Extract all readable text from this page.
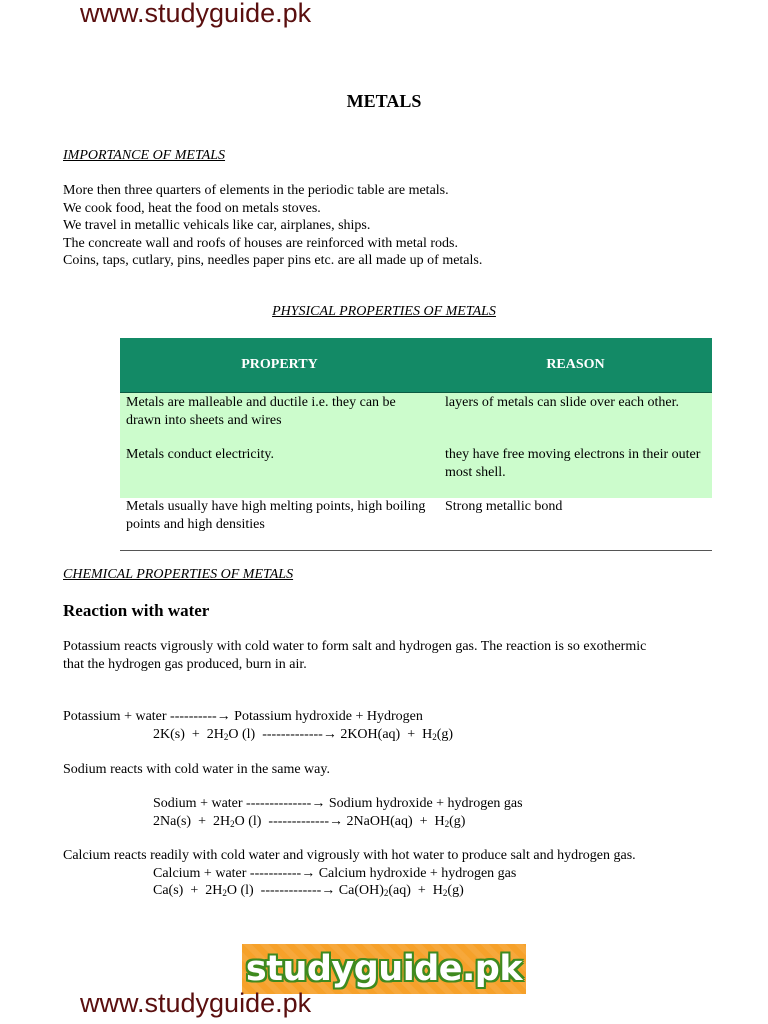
www.studyguide.pk
METALS
IMPORTANCE OF METALS
More then three quarters of elements in the periodic table are metals.
We cook food, heat the food on metals stoves.
We travel in metallic vehicals like car, airplanes, ships.
The concreate wall and roofs of houses are reinforced with metal rods.
Coins, taps, cutlary, pins, needles paper pins etc. are all made up of metals.
PHYSICAL PROPERTIES OF METALS
PROPERTY	REASON
Metals are malleable and ductile i.e. they can be drawn into sheets and wires	layers of metals can slide over each other.
Metals conduct electricity.	they have free moving electrons in their outer most shell.
Metals usually have high melting points, high boiling points and high densities	Strong metallic bond
CHEMICAL PROPERTIES OF METALS
Reaction with water
Potassium reacts vigrously with cold water to form salt and hydrogen gas. The reaction is so exothermic
that the hydrogen gas produced, burn in air.
Potassium + water ----------→ Potassium hydroxide + Hydrogen
$2K(s) + 2H_2O$ (l)  -------------→ $2KOH(aq) + H_2(g)$
Sodium reacts with cold water in the same way.
Sodium + water --------------→ Sodium hydroxide + hydrogen gas
$2Na(s) + 2H_2O$ (l)  -------------→ 2NaOH(aq)  +  $H_2(g)$
Calcium reacts readily with cold water and vigrously with hot water to produce salt and hydrogen gas.
Calcium + water -----------→ Calcium hydroxide + hydrogen gas
$Ca(s) + 2H_2O$ (l)  -------------→ $Ca(OH)_2(aq) + H_2(g)$
studyguide.pk
www.studyguide.pk
